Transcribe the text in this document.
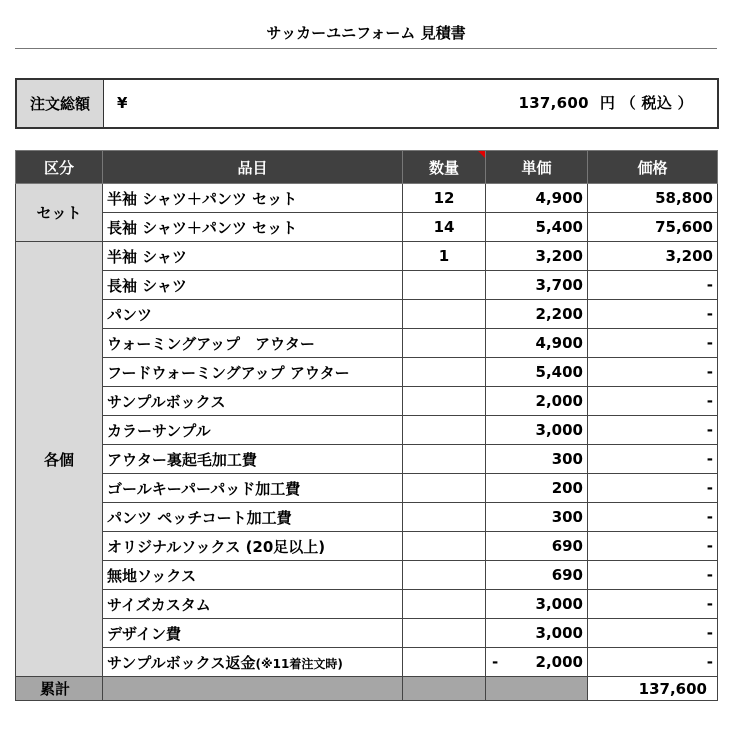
サッカーユニフォーム 見積書
注文総額	¥	137,600  円 （ 税込 ）
区分	品目	数量	単価	価格
セット	半袖 シャツ＋パンツ セット	12	4,900	58,800
	長袖 シャツ＋パンツ セット	14	5,400	75,600
各個	半袖 シャツ	1	3,200	3,200
	長袖 シャツ		3,700	-
	パンツ		2,200	-
	ウォーミングアップ　アウター		4,900	-
	フードウォーミングアップ アウター		5,400	-
	サンプルボックス		2,000	-
	カラーサンプル		3,000	-
	アウター裏起毛加工費		300	-
	ゴールキーパーパッド加工費		200	-
	パンツ ペッチコート加工費		300	-
	オリジナルソックス (20足以上)		690	-
	無地ソックス		690	-
	サイズカスタム		3,000	-
	デザイン費		3,000	-
	サンプルボックス返金(※11着注文時)		- 2,000	-
累計				137,600
